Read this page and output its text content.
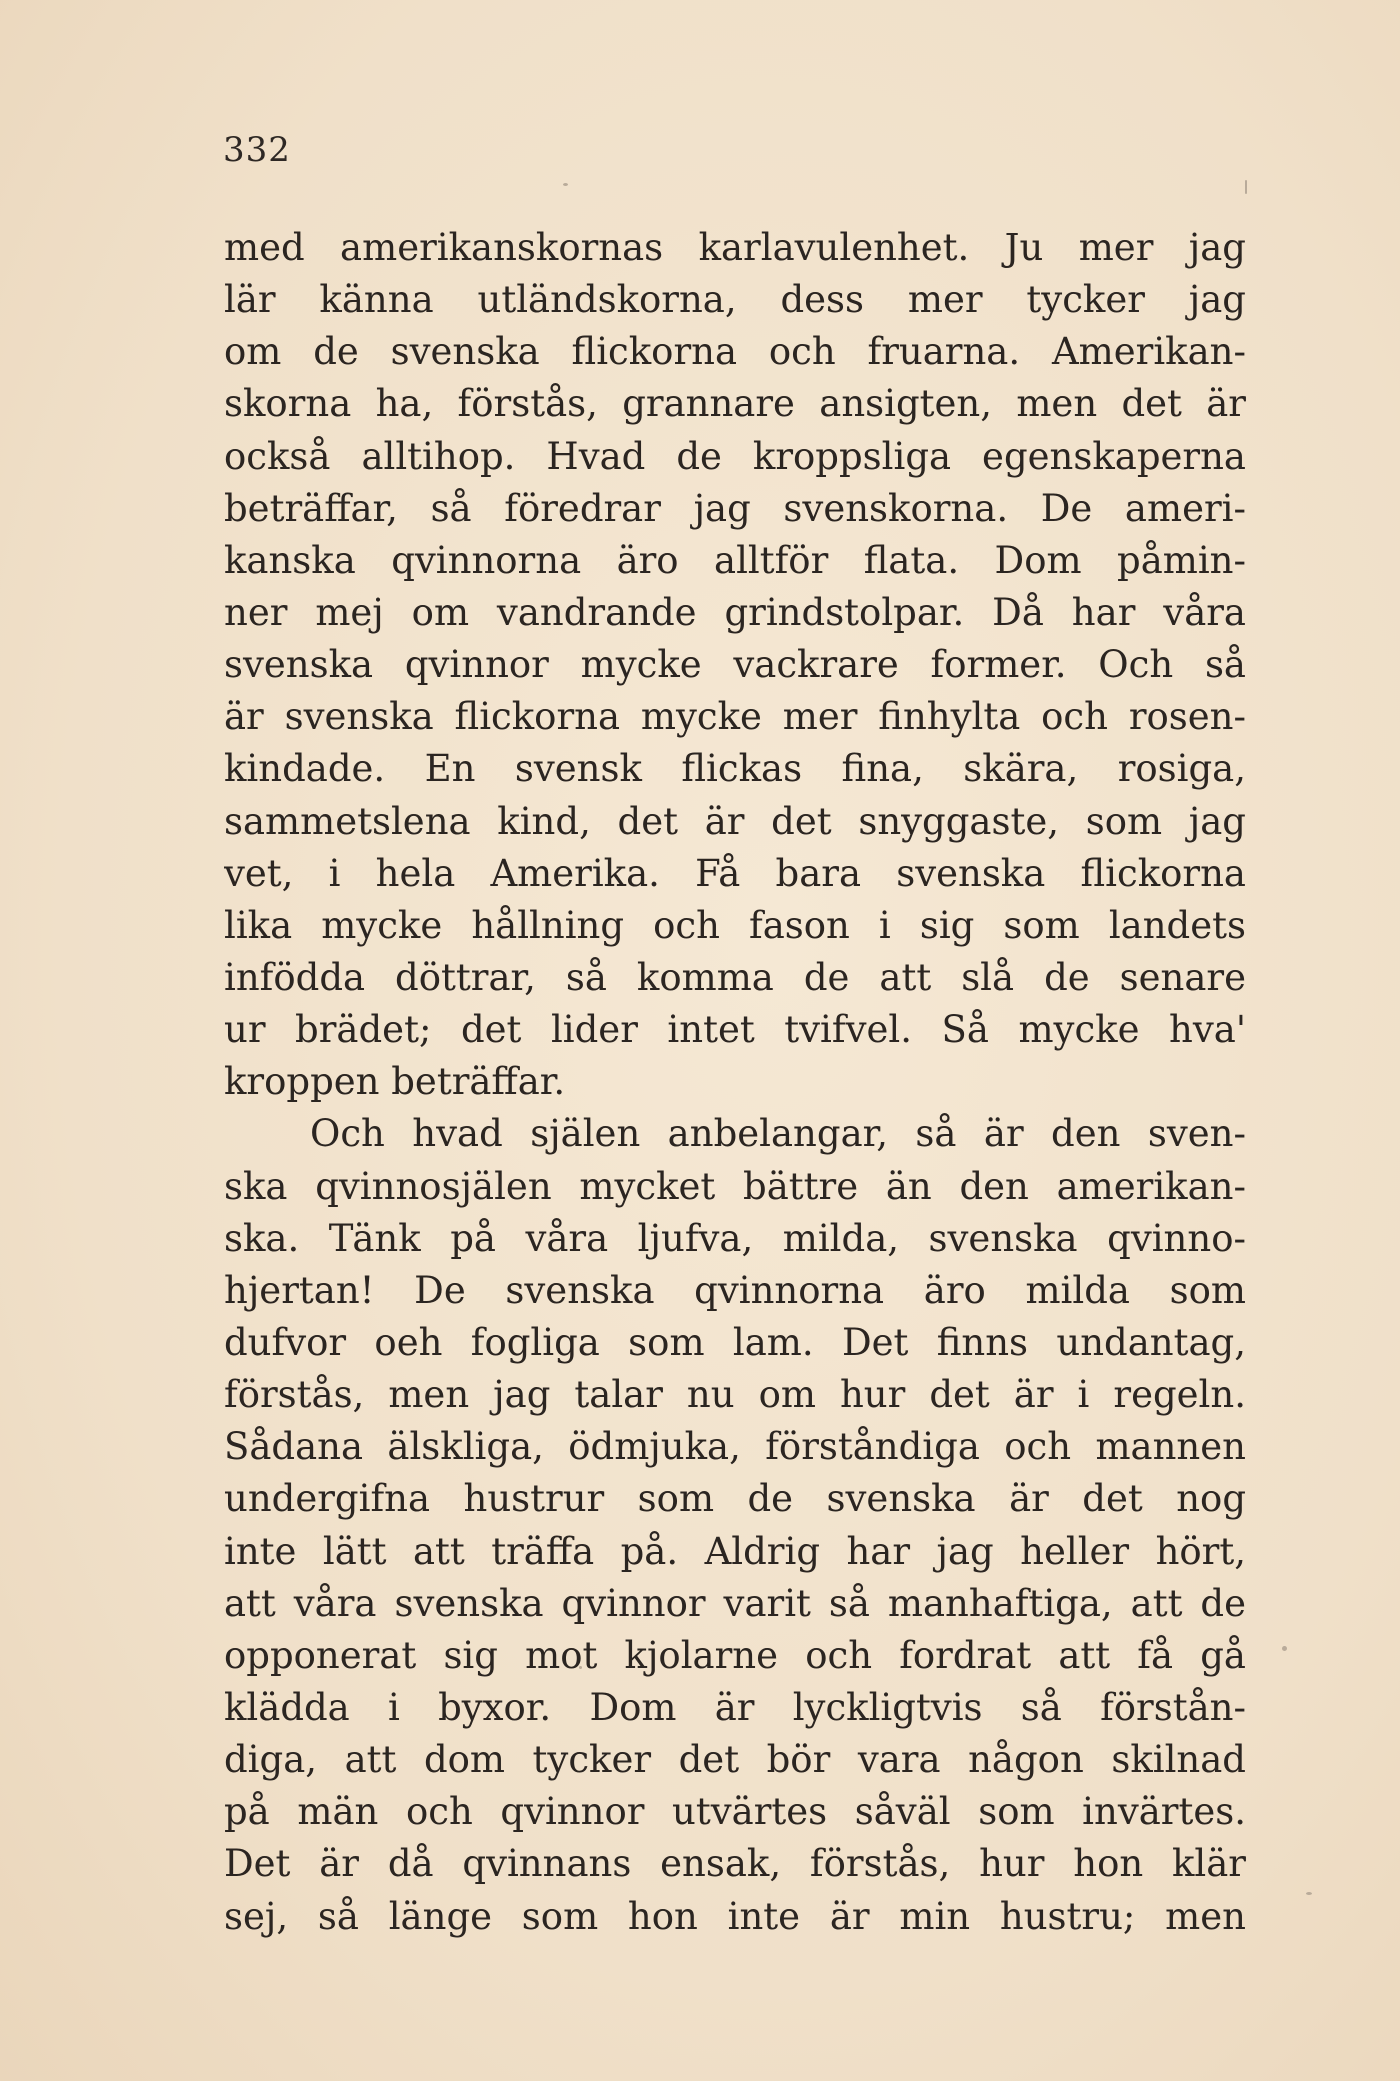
332
med amerikanskornas karlavulenhet. Ju mer jag
lär känna utländskorna, dess mer tycker jag
om de svenska flickorna och fruarna. Amerikan-
skorna ha, förstås, grannare ansigten, men det är
också alltihop. Hvad de kroppsliga egenskaperna
beträffar, så föredrar jag svenskorna. De ameri-
kanska qvinnorna äro alltför flata. Dom påmin-
ner mej om vandrande grindstolpar. Då har våra
svenska qvinnor mycke vackrare former. Och så
är svenska flickorna mycke mer finhylta och rosen-
kindade. En svensk flickas fina, skära, rosiga,
sammetslena kind, det är det snyggaste, som jag
vet, i hela Amerika. Få bara svenska flickorna
lika mycke hållning och fason i sig som landets
infödda döttrar, så komma de att slå de senare
ur brädet; det lider intet tvifvel. Så mycke hva'
kroppen beträffar.
Och hvad själen anbelangar, så är den sven-
ska qvinnosjälen mycket bättre än den amerikan-
ska. Tänk på våra ljufva, milda, svenska qvinno-
hjertan! De svenska qvinnorna äro milda som
dufvor oeh fogliga som lam. Det finns undantag,
förstås, men jag talar nu om hur det är i regeln.
Sådana älskliga, ödmjuka, förståndiga och mannen
undergifna hustrur som de svenska är det nog
inte lätt att träffa på. Aldrig har jag heller hört,
att våra svenska qvinnor varit så manhaftiga, att de
opponerat sig mot kjolarne och fordrat att få gå
klädda i byxor. Dom är lyckligtvis så förstån-
diga, att dom tycker det bör vara någon skilnad
på män och qvinnor utvärtes såväl som invärtes.
Det är då qvinnans ensak, förstås, hur hon klär
sej, så länge som hon inte är min hustru; men
